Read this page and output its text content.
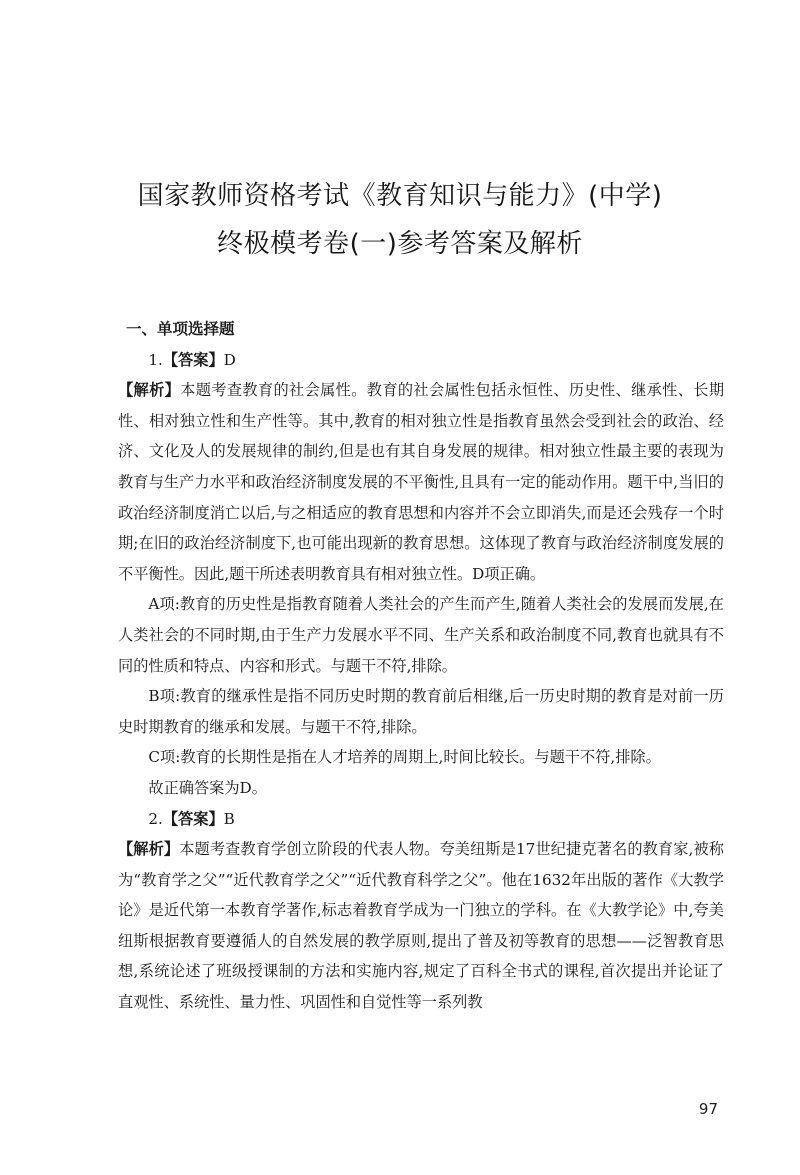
国家教师资格考试《教育知识与能力》(中学)
终极模考卷(一)参考答案及解析

一、单项选择题

1.【答案】D

【解析】本题考查教育的社会属性。教育的社会属性包括永恒性、历史性、继承性、长期性、相对独立性和生产性等。其中,教育的相对独立性是指教育虽然会受到社会的政治、经济、文化及人的发展规律的制约,但是也有其自身发展的规律。相对独立性最主要的表现为教育与生产力水平和政治经济制度发展的不平衡性,且具有一定的能动作用。题干中,当旧的政治经济制度消亡以后,与之相适应的教育思想和内容并不会立即消失,而是还会残存一个时期;在旧的政治经济制度下,也可能出现新的教育思想。这体现了教育与政治经济制度发展的不平衡性。因此,题干所述表明教育具有相对独立性。D项正确。

A项:教育的历史性是指教育随着人类社会的产生而产生,随着人类社会的发展而发展,在人类社会的不同时期,由于生产力发展水平不同、生产关系和政治制度不同,教育也就具有不同的性质和特点、内容和形式。与题干不符,排除。

B项:教育的继承性是指不同历史时期的教育前后相继,后一历史时期的教育是对前一历史时期教育的继承和发展。与题干不符,排除。

C项:教育的长期性是指在人才培养的周期上,时间比较长。与题干不符,排除。

故正确答案为D。

2.【答案】B

【解析】本题考查教育学创立阶段的代表人物。夸美纽斯是17世纪捷克著名的教育家,被称为“教育学之父”“近代教育学之父”“近代教育科学之父”。他在1632年出版的著作《大教学论》是近代第一本教育学著作,标志着教育学成为一门独立的学科。在《大教学论》中,夸美纽斯根据教育要遵循人的自然发展的教学原则,提出了普及初等教育的思想——泛智教育思想,系统论述了班级授课制的方法和实施内容,规定了百科全书式的课程,首次提出并论证了直观性、系统性、量力性、巩固性和自觉性等一系列教

97
